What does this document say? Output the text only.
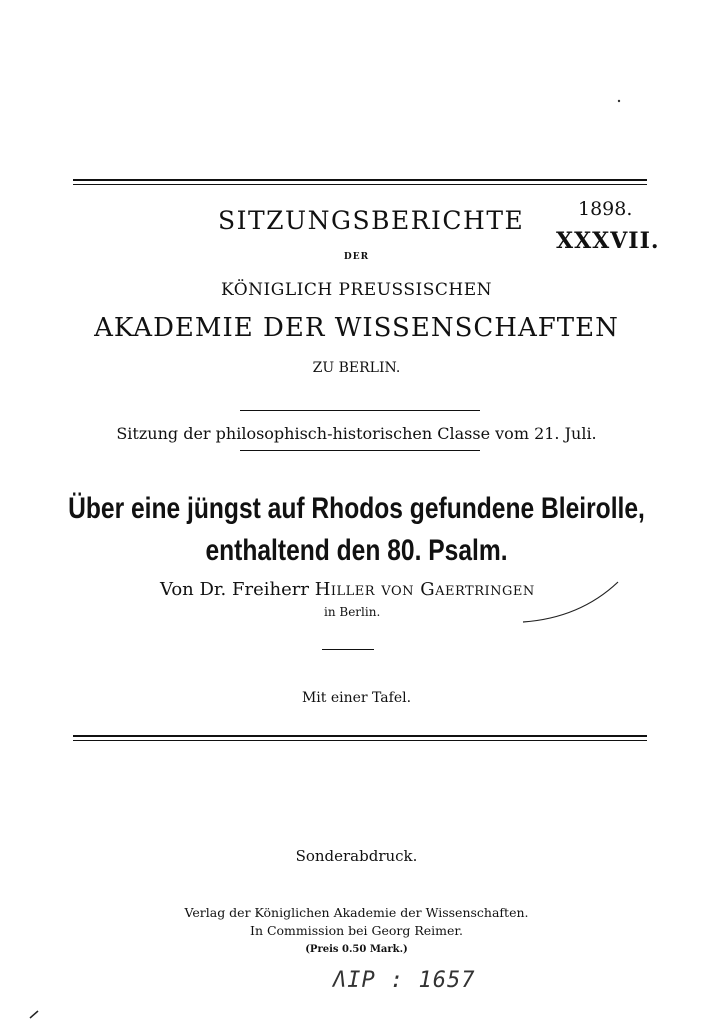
SITZUNGSBERICHTE	1898.
XXXVII.
DER
KÖNIGLICH PREUSSISCHEN
AKADEMIE DER WISSENSCHAFTEN
ZU BERLIN.
Sitzung der philosophisch-historischen Classe vom 21. Juli.
Über eine jüngst auf Rhodos gefundene Bleirolle,
enthaltend den 80. Psalm.
Von Dr. Freiherr Hiller von Gaertringen
in Berlin.
Mit einer Tafel.
Sonderabdruck.
Verlag der Königlichen Akademie der Wissenschaften.
In Commission bei Georg Reimer.
(Preis 0.50 Mark.)
ΛΙΡ : 1657
